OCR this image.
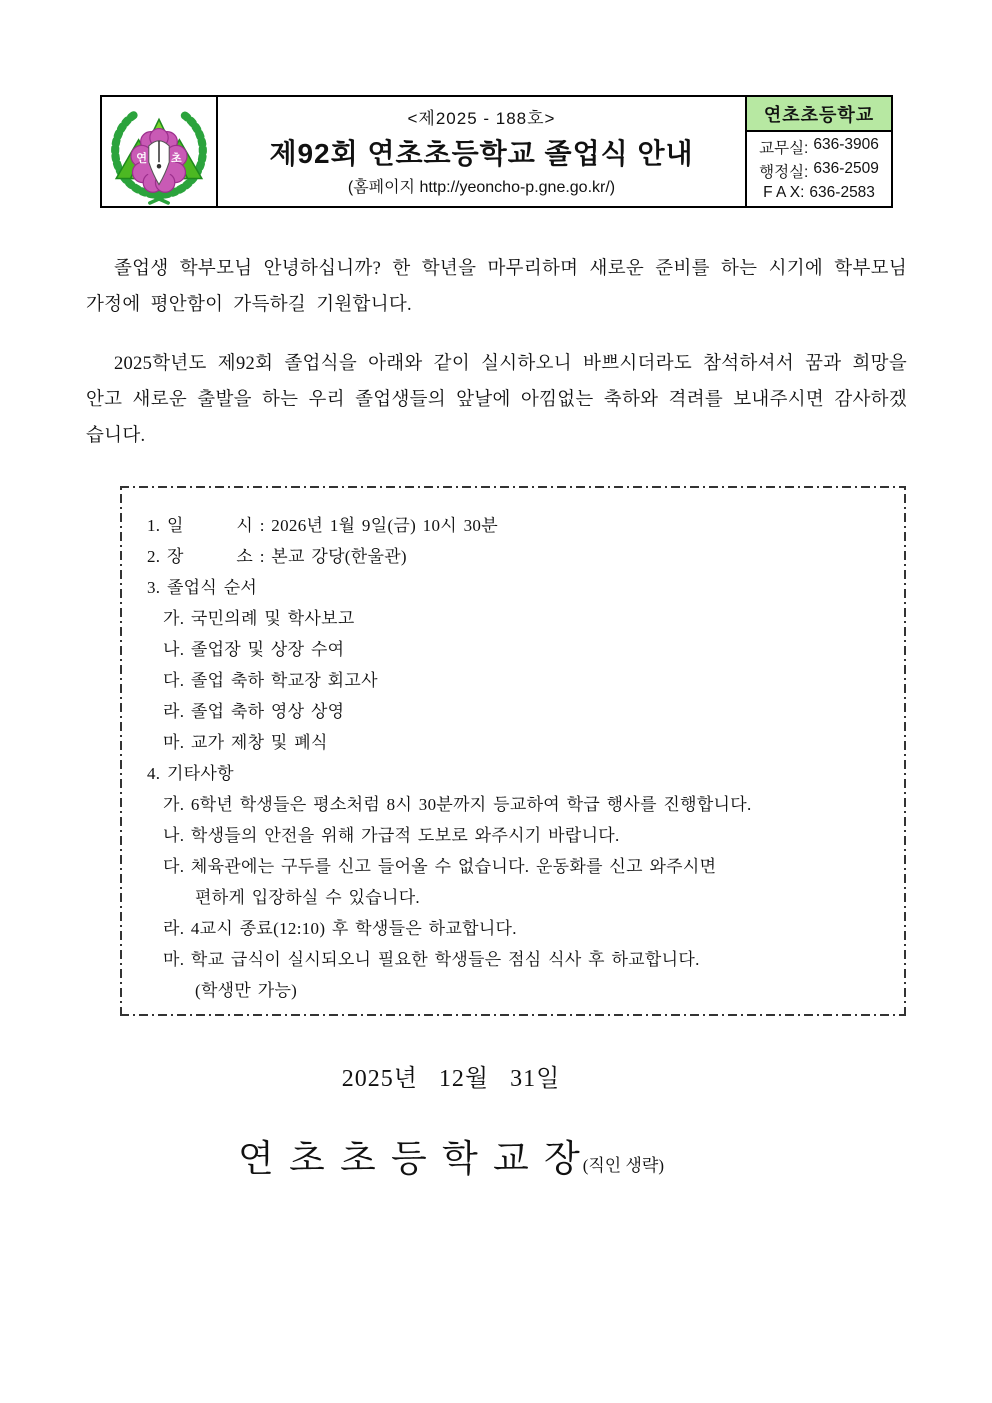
연 초
<제2025 - 188호>
제92회 연초초등학교 졸업식 안내
(홈페이지 http://yeoncho-p.gne.go.kr/)
연초초등학교
교무실: 636-3906
행정실: 636-2509
F A X: 636-2583

졸업생 학부모님 안녕하십니까? 한 학년을 마무리하며 새로운 준비를 하는 시기에 학부모님 가정에 평안함이 가득하길 기원합니다.

2025학년도 제92회 졸업식을 아래와 같이 실시하오니 바쁘시더라도 참석하셔서 꿈과 희망을 안고 새로운 출발을 하는 우리 졸업생들의 앞날에 아낌없는 축하와 격려를 보내주시면 감사하겠습니다.

1. 일        시 : 2026년 1월 9일(금) 10시 30분
2. 장        소 : 본교 강당(한울관)
3. 졸업식 순서
가. 국민의례 및 학사보고
나. 졸업장 및 상장 수여
다. 졸업 축하 학교장 회고사
라. 졸업 축하 영상 상영
마. 교가 제창 및 폐식
4. 기타사항
가. 6학년 학생들은 평소처럼 8시 30분까지 등교하여 학급 행사를 진행합니다.
나. 학생들의 안전을 위해 가급적 도보로 와주시기 바랍니다.
다. 체육관에는 구두를 신고 들어올 수 없습니다. 운동화를 신고 와주시면
편하게 입장하실 수 있습니다.
라. 4교시 종료(12:10) 후 학생들은 하교합니다.
마. 학교 급식이 실시되오니 필요한 학생들은 점심 식사 후 하교합니다.
(학생만 가능)
2025년   12월   31일
연 초 초 등 학 교 장(직인 생략)
